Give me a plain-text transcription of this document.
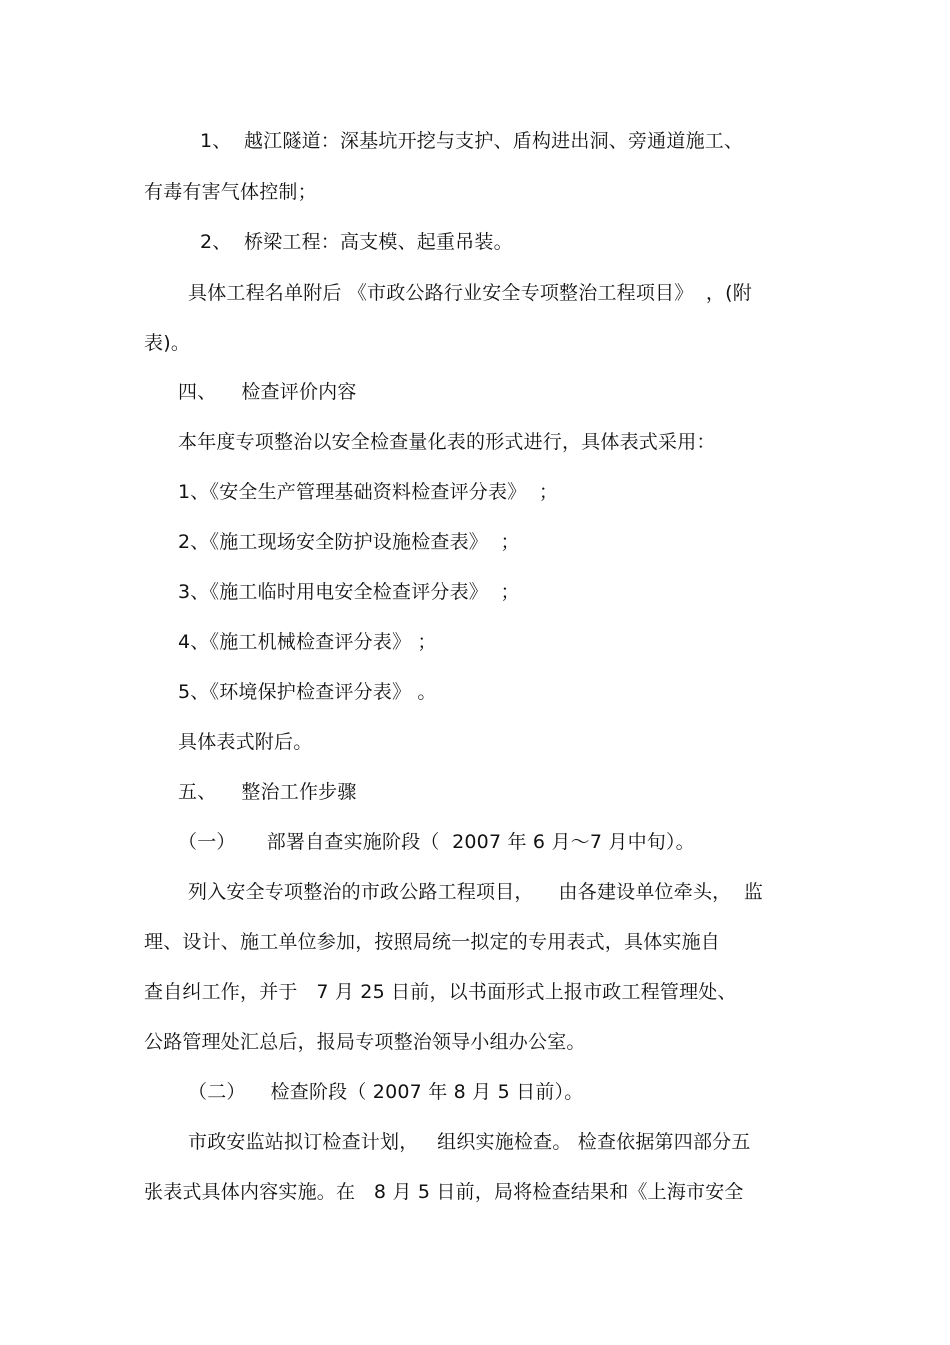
1、  越江隧道：深基坑开挖与支护、盾构进出洞、旁通道施工、
有毒有害气体控制；
2、  桥梁工程：高支模、起重吊装。
具体工程名单附后 《市政公路行业安全专项整治工程项目》  ，(附
表)。
四、    检查评价内容
本年度专项整治以安全检查量化表的形式进行，具体表式采用：
1、《安全生产管理基础资料检查评分表》  ；
2、《施工现场安全防护设施检查表》  ；
3、《施工临时用电安全检查评分表》  ；
4、《施工机械检查评分表》 ；
5、《环境保护检查评分表》 。
具体表式附后。
五、    整治工作步骤
（一）     部署自查实施阶段（  2007 年 6 月～7 月中旬）。
列入安全专项整治的市政公路工程项目，    由各建设单位牵头，  监
理、设计、施工单位参加，按照局统一拟定的专用表式，具体实施自
查自纠工作，并于   7 月 25 日前，以书面形式上报市政工程管理处、
公路管理处汇总后，报局专项整治领导小组办公室。
（二）    检查阶段（ 2007 年 8 月 5 日前）。
市政安监站拟订检查计划，   组织实施检查。 检查依据第四部分五
张表式具体内容实施。在   8 月 5 日前，局将检查结果和《上海市安全
